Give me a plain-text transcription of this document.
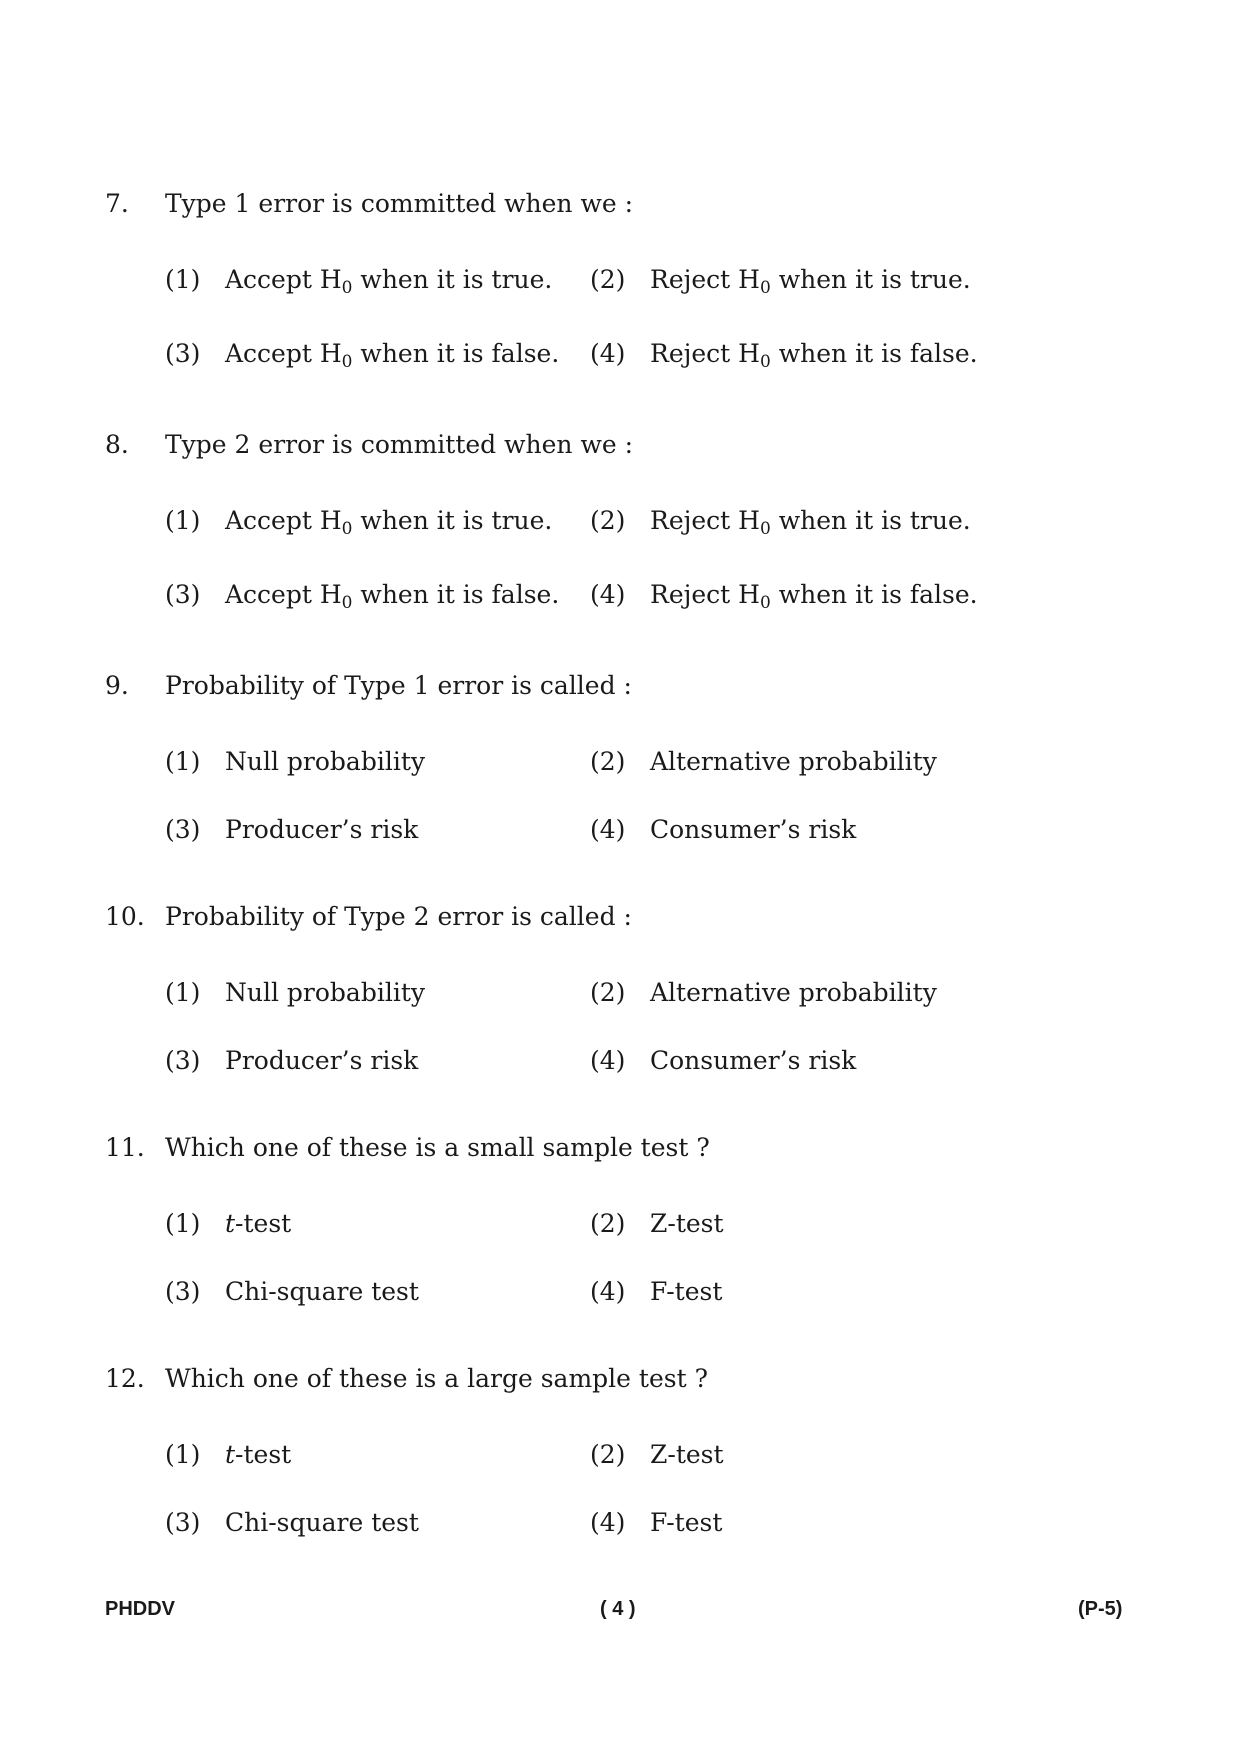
7. Type 1 error is committed when we :
(1) Accept $H_0$ when it is true. (2) Reject $H_0$ when it is true.
(3) Accept $H_0$ when it is false. (4) Reject $H_0$ when it is false.
8. Type 2 error is committed when we :
(1) Accept $H_0$ when it is true. (2) Reject $H_0$ when it is true.
(3) Accept $H_0$ when it is false. (4) Reject $H_0$ when it is false.
9. Probability of Type 1 error is called :
(1) Null probability	(2) Alternative probability
(3) Producer’s risk	(4) Consumer’s risk
10. Probability of Type 2 error is called :
(1) Null probability	(2) Alternative probability
(3) Producer’s risk	(4) Consumer’s risk
11. Which one of these is a small sample test ?
(1) t-test	(2) Z-test
(3) Chi-square test	(4) F-test
12. Which one of these is a large sample test ?
(1) t-test	(2) Z-test
(3) Chi-square test	(4) F-test
PHDDV	( 4 )	(P-5)
